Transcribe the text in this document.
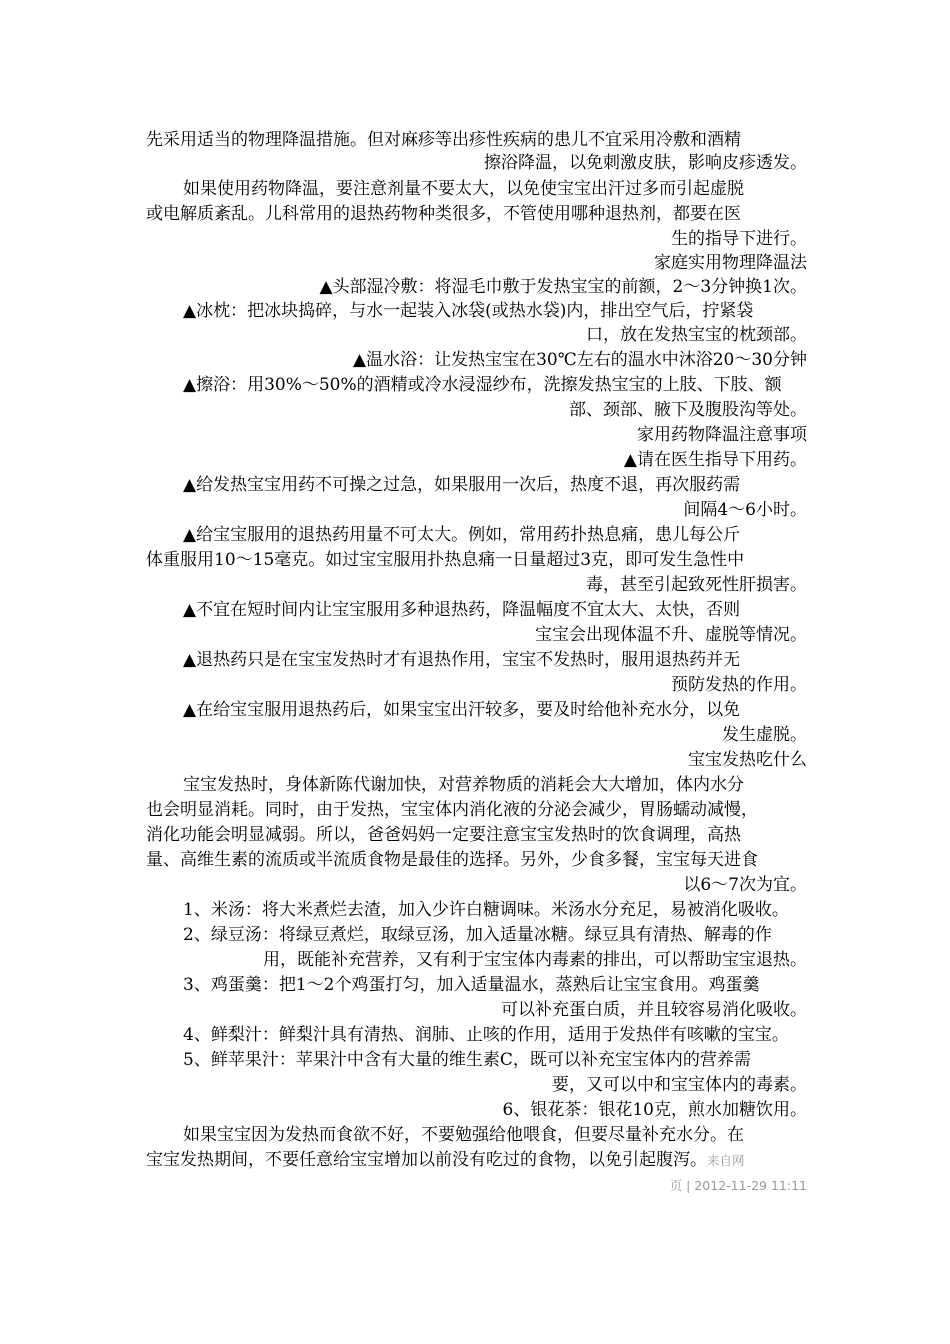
先采用适当的物理降温措施。但对麻疹等出疹性疾病的患儿不宜采用冷敷和酒精
擦浴降温，以免刺激皮肤，影响皮疹透发。
如果使用药物降温，要注意剂量不要太大，以免使宝宝出汗过多而引起虚脱
或电解质紊乱。儿科常用的退热药物种类很多，不管使用哪种退热剂，都要在医
生的指导下进行。
家庭实用物理降温法
▲头部湿冷敷：将湿毛巾敷于发热宝宝的前额，2～3分钟换1次。
▲冰枕：把冰块捣碎，与水一起装入冰袋(或热水袋)内，排出空气后，拧紧袋
口，放在发热宝宝的枕颈部。
▲温水浴：让发热宝宝在30℃左右的温水中沐浴20～30分钟
▲擦浴：用30%～50%的酒精或冷水浸湿纱布，洗擦发热宝宝的上肢、下肢、额
部、颈部、腋下及腹股沟等处。
家用药物降温注意事项
▲请在医生指导下用药。
▲给发热宝宝用药不可操之过急，如果服用一次后，热度不退，再次服药需
间隔4～6小时。
▲给宝宝服用的退热药用量不可太大。例如，常用药扑热息痛，患儿每公斤
体重服用10～15毫克。如过宝宝服用扑热息痛一日量超过3克，即可发生急性中
毒，甚至引起致死性肝损害。
▲不宜在短时间内让宝宝服用多种退热药，降温幅度不宜太大、太快，否则
宝宝会出现体温不升、虚脱等情况。
▲退热药只是在宝宝发热时才有退热作用，宝宝不发热时，服用退热药并无
预防发热的作用。
▲在给宝宝服用退热药后，如果宝宝出汗较多，要及时给他补充水分，以免
发生虚脱。
宝宝发热吃什么
宝宝发热时，身体新陈代谢加快，对营养物质的消耗会大大增加，体内水分
也会明显消耗。同时，由于发热，宝宝体内消化液的分泌会减少，胃肠蠕动减慢，
消化功能会明显减弱。所以，爸爸妈妈一定要注意宝宝发热时的饮食调理，高热
量、高维生素的流质或半流质食物是最佳的选择。另外，少食多餐，宝宝每天进食
以6～7次为宜。
1、米汤：将大米煮烂去渣，加入少许白糖调味。米汤水分充足，易被消化吸收。
2、绿豆汤：将绿豆煮烂，取绿豆汤，加入适量冰糖。绿豆具有清热、解毒的作
用，既能补充营养，又有利于宝宝体内毒素的排出，可以帮助宝宝退热。
3、鸡蛋羹：把1～2个鸡蛋打匀，加入适量温水，蒸熟后让宝宝食用。鸡蛋羹
可以补充蛋白质，并且较容易消化吸收。
4、鲜梨汁：鲜梨汁具有清热、润肺、止咳的作用，适用于发热伴有咳嗽的宝宝。
5、鲜苹果汁：苹果汁中含有大量的维生素C，既可以补充宝宝体内的营养需
要，又可以中和宝宝体内的毒素。
6、银花茶：银花10克，煎水加糖饮用。
如果宝宝因为发热而食欲不好，不要勉强给他喂食，但要尽量补充水分。在
宝宝发热期间，不要任意给宝宝增加以前没有吃过的食物，以免引起腹泻。来自网
页 | 2012-11-29 11:11
